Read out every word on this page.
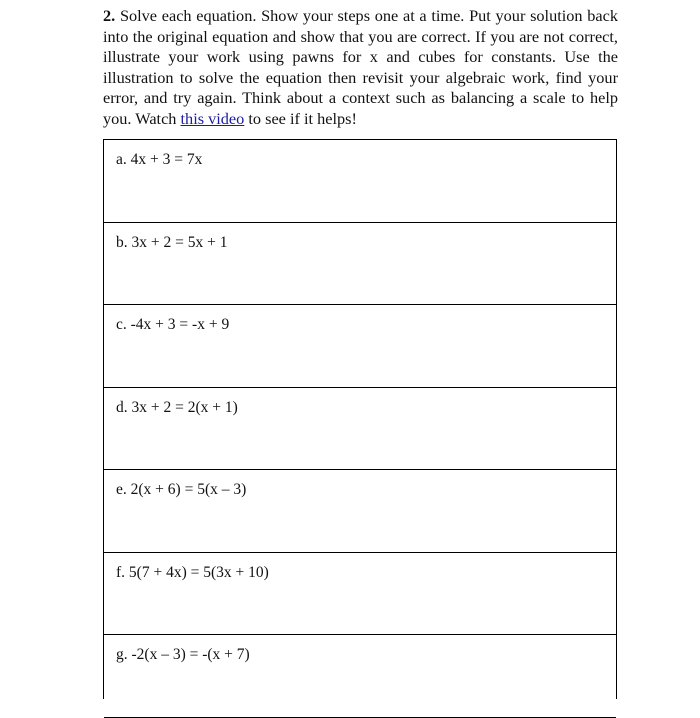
2. Solve each equation. Show your steps one at a time. Put your solution back into the original equation and show that you are correct. If you are not correct, illustrate your work using pawns for x and cubes for constants. Use the illustration to solve the equation then revisit your algebraic work, find your error, and try again. Think about a context such as balancing a scale to help you. Watch this video to see if it helps!

a. 4x + 3 = 7x
b. 3x + 2 = 5x + 1
c. -4x + 3 = -x + 9
d. 3x + 2 = 2(x + 1)
e. 2(x + 6) = 5(x – 3)
f. 5(7 + 4x) = 5(3x + 10)
g. -2(x – 3) = -(x + 7)
